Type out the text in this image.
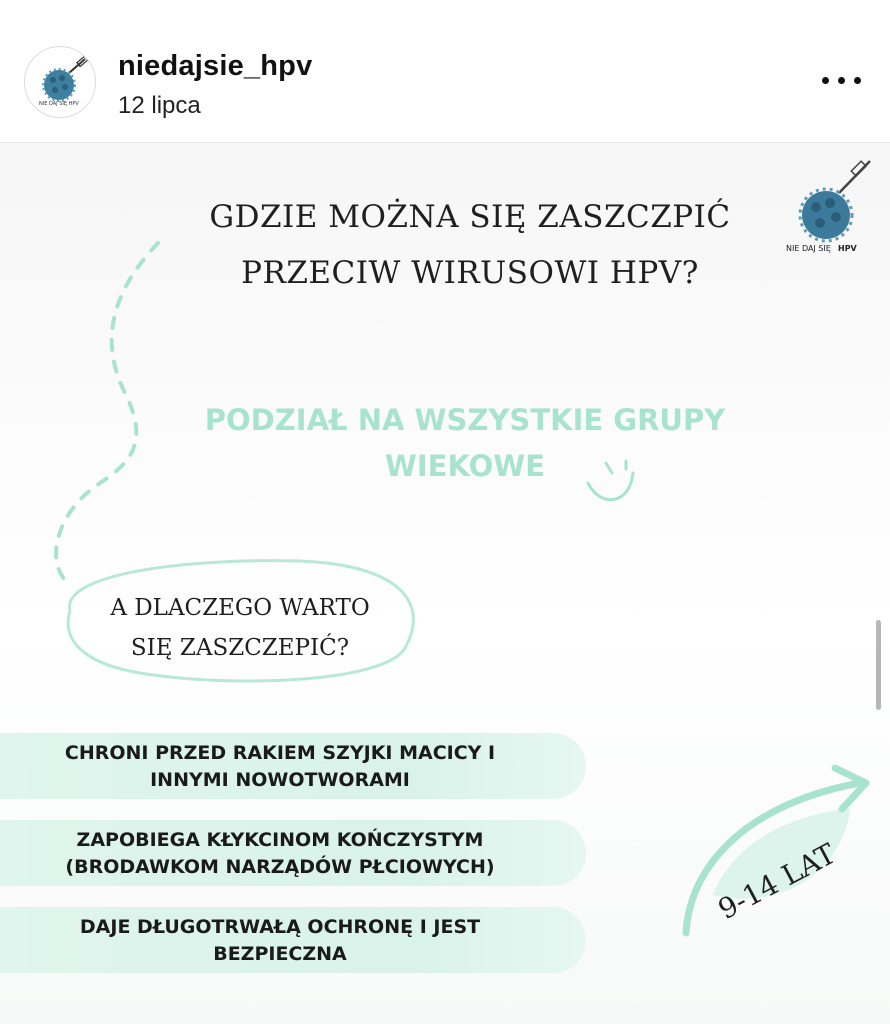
NIE DAJ SIĘ HPV
niedajsie_hpv
12 lipca
NIE DAJ SIĘ HPV
GDZIE MOŻNA SIĘ ZASZCZPIĆ
PRZECIW WIRUSOWI HPV?
PODZIAŁ NA WSZYSTKIE GRUPY
WIEKOWE
A DLACZEGO WARTO
SIĘ ZASZCZEPIĆ?
CHRONI PRZED RAKIEM SZYJKI MACICY I
INNYMI NOWOTWORAMI
ZAPOBIEGA KŁYKCINOM KOŃCZYSTYM
(BRODAWKOM NARZĄDÓW PŁCIOWYCH)
DAJE DŁUGOTRWAŁĄ OCHRONĘ I JEST
BEZPIECZNA
9-14 LAT
